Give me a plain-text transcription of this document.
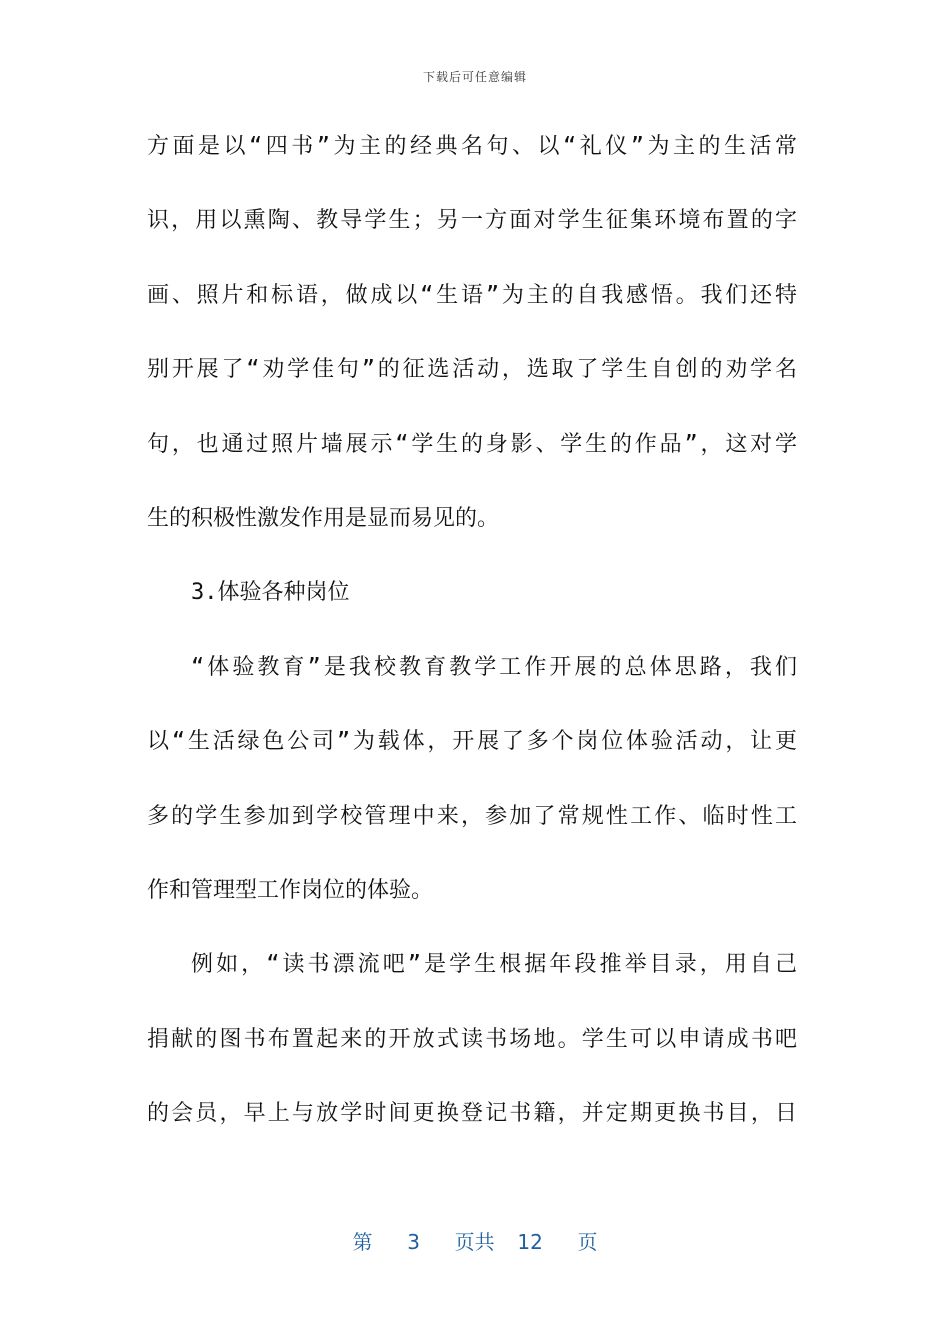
下载后可任意编辑
方面是以“四书”为主的经典名句、以“礼仪”为主的生活常
识，用以熏陶、教导学生；另一方面对学生征集环境布置的字
画、照片和标语，做成以“生语”为主的自我感悟。我们还特
别开展了“劝学佳句”的征选活动，选取了学生自创的劝学名
句，也通过照片墙展示“学生的身影、学生的作品”，这对学
生的积极性激发作用是显而易见的。
3.体验各种岗位
“体验教育”是我校教育教学工作开展的总体思路，我们
以“生活绿色公司”为载体，开展了多个岗位体验活动，让更
多的学生参加到学校管理中来，参加了常规性工作、临时性工
作和管理型工作岗位的体验。
例如，“读书漂流吧”是学生根据年段推举目录，用自己
捐献的图书布置起来的开放式读书场地。学生可以申请成书吧
的会员，早上与放学时间更换登记书籍，并定期更换书目，日
第 3 页共 12 页
